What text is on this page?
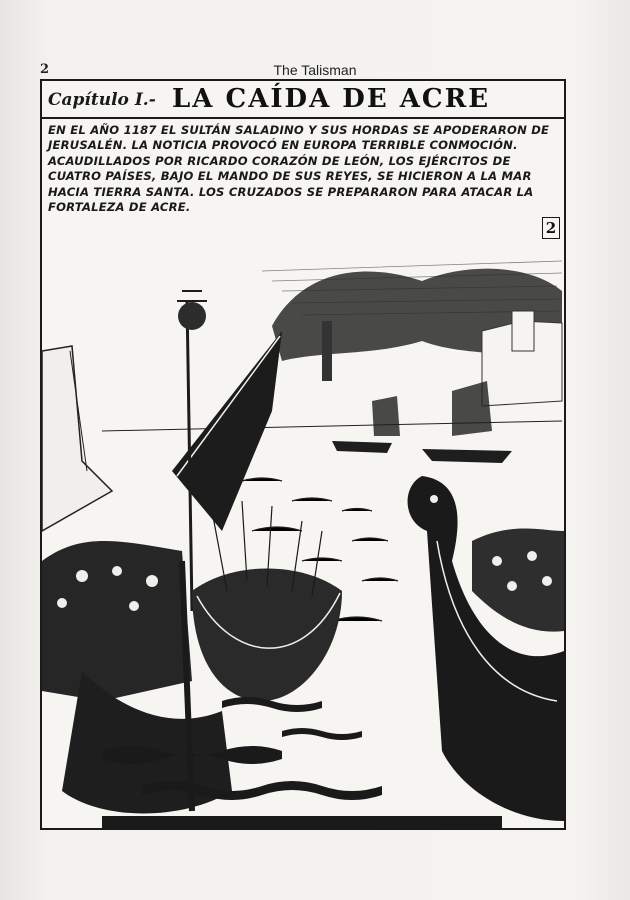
2	The Talisman
Capítulo I.- LA CAÍDA DE ACRE
EN EL AÑO 1187 EL SULTÁN SALADINO Y SUS HORDAS SE APODERARON DE JERUSALÉN. LA NOTICIA PROVOCÓ EN EUROPA TERRIBLE CONMOCIÓN. ACAUDILLADOS POR RICARDO CORAZÓN DE LEÓN, LOS EJÉRCITOS DE CUATRO PAÍSES, BAJO EL MANDO DE SUS REYES, SE HICIERON A LA MAR HACIA TIERRA SANTA. LOS CRUZADOS SE PREPARARON PARA ATACAR LA FORTALEZA DE ACRE.
2
